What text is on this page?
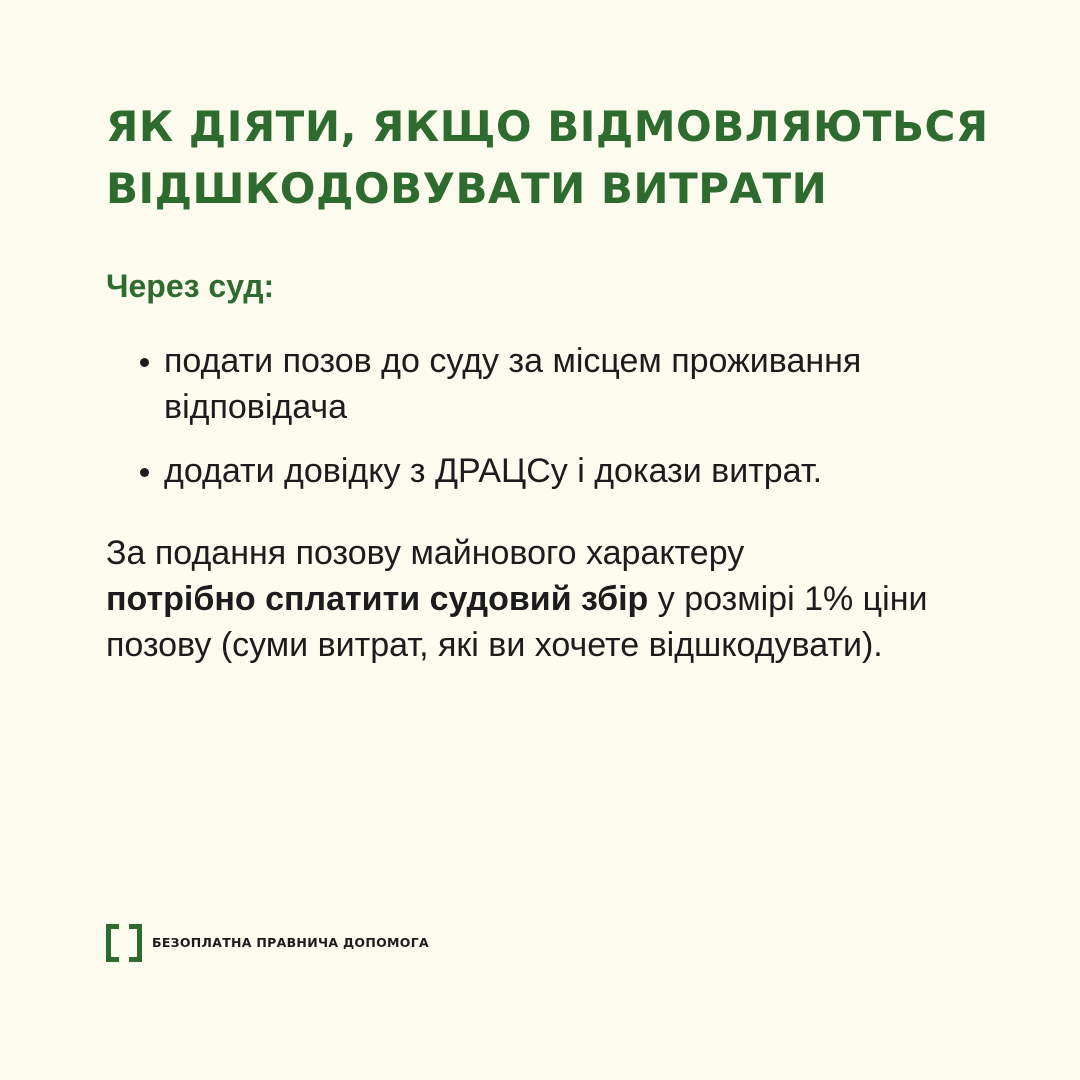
ЯК ДІЯТИ, ЯКЩО ВІДМОВЛЯЮТЬСЯ
ВІДШКОДОВУВАТИ ВИТРАТИ
Через суд:
подати позов до суду за місцем проживання відповідача
додати довідку з ДРАЦСу і докази витрат.

За подання позову майнового характеру
потрібно сплатити судовий збір у розмірі 1% ціни
позову (суми витрат, які ви хочете відшкодувати).

БЕЗОПЛАТНА ПРАВНИЧА ДОПОМОГА
